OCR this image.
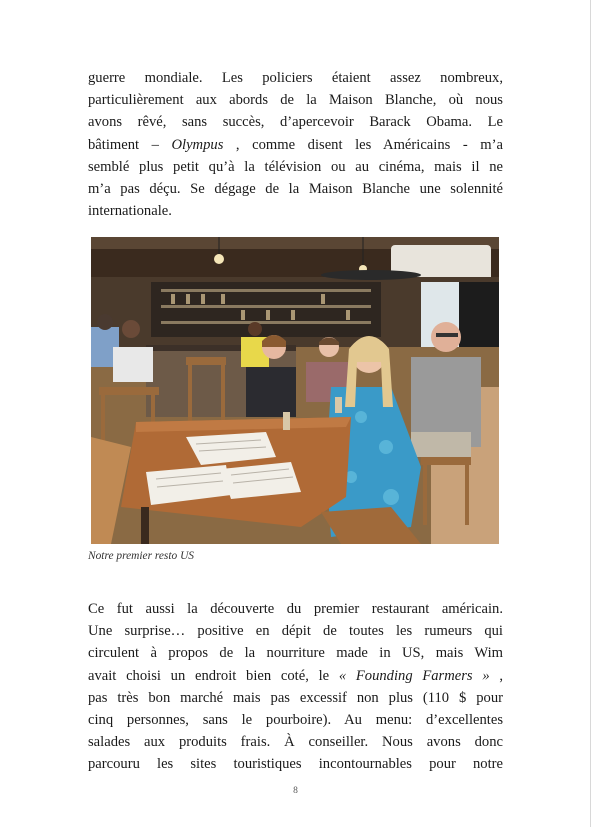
guerre mondiale. Les policiers étaient assez nombreux,
particulièrement aux abords de la Maison Blanche, où nous
avons rêvé, sans succès, d’apercevoir Barack Obama. Le
bâtiment – Olympus , comme disent les Américains - m’a
semblé plus petit qu’à la télévision ou au cinéma, mais il ne
m’a pas déçu. Se dégage de la Maison Blanche une solennité
internationale.

Notre premier resto US

Ce fut aussi la découverte du premier restaurant américain.
Une surprise… positive en dépit de toutes les rumeurs qui
circulent à propos de la nourriture made in US, mais Wim
avait choisi un endroit bien coté, le « Founding Farmers » ,
pas très bon marché mais pas excessif non plus (110 $ pour
cinq personnes, sans le pourboire). Au menu: d’excellentes
salades aux produits frais. À conseiller. Nous avons donc
parcouru les sites touristiques incontournables pour notre

8
